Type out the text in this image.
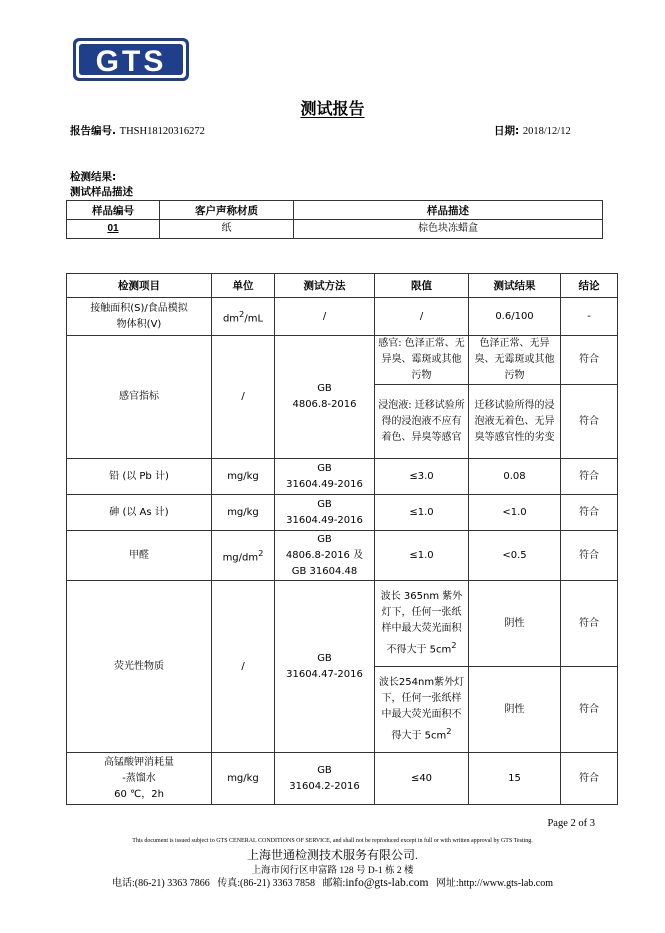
GTS
测试报告
报告编号. THSH18120316272	日期: 2018/12/12
检测结果:
测试样品描述
样品编号	客户声称材质	样品描述
01	纸	棕色块冻蜡盒
检测项目	单位	测试方法	限值	测试结果	结论
接触面积(S)/食品模拟
物体积(V)	$dm^2/mL$	/	/	0.6/100	-
感官指标	/	GB
4806.8-2016	感官: 色泽正常、无异臭、霉斑或其他污物	色泽正常、无异臭、无霉斑或其他污物	符合
			浸泡液: 迁移试验所得的浸泡液不应有着色、异臭等感官	迁移试验所得的浸泡液无着色、无异臭等感官性的劣变	符合
铅 (以 Pb 计)	mg/kg	GB
31604.49-2016	≤3.0	0.08	符合
砷 (以 As 计)	mg/kg	GB
31604.49-2016	≤1.0	<1.0	符合
甲醛	$mg/dm^2$	GB
4806.8-2016 及
GB 31604.48	≤1.0	<0.5	符合
荧光性物质	/	GB
31604.47-2016	波长 365nm 紫外灯下，任何一张纸样中最大荧光面积不得大于 $5cm^2$	阴性	符合
			波长254nm紫外灯下，任何一张纸样中最大荧光面积不得大于 $5cm^2$	阴性	符合
高锰酸钾消耗量
-蒸馏水
60 ℃，2h	mg/kg	GB
31604.2-2016	≤40	15	符合
Page 2 of 3
This document is issued subject to GTS CENERAL CONDITIONS OF SERVICE, and shall not be reproduced except in full or with written approval by GTS Testing.
上海世通检测技术服务有限公司.
上海市闵行区申富路 128 号 D-1 栋 2 楼
电话:(86-21) 3363 7866 传真:(86-21) 3363 7858 邮箱:info@gts-lab.com 网址:http://www.gts-lab.com
